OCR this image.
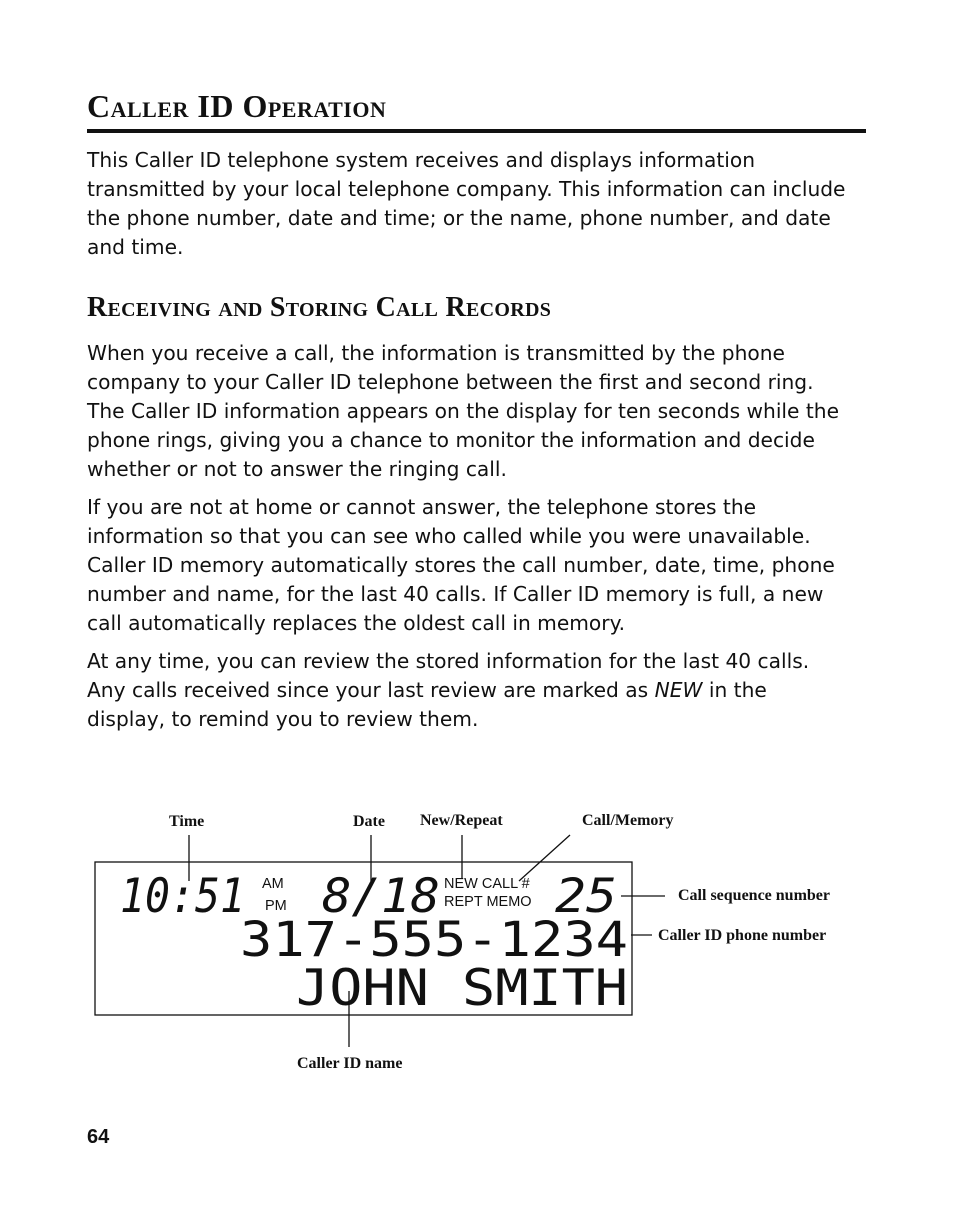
Caller ID Operation
This Caller ID telephone system receives and displays information
transmitted by your local telephone company. This information can include
the phone number, date and time; or the name, phone number, and date
and time.
Receiving and Storing Call Records
When you receive a call, the information is transmitted by the phone
company to your Caller ID telephone between the first and second ring.
The Caller ID information appears on the display for ten seconds while the
phone rings, giving you a chance to monitor the information and decide
whether or not to answer the ringing call.
If you are not at home or cannot answer, the telephone stores the
information so that you can see who called while you were unavailable.
Caller ID memory automatically stores the call number, date, time, phone
number and name, for the last 40 calls. If Caller ID memory is full, a new
call automatically replaces the oldest call in memory.
At any time, you can review the stored information for the last 40 calls.
Any calls received since your last review are marked as NEW in the
display, to remind you to review them.
Time	Date New/Repeat	Call/Memory
Call sequence number
Caller ID phone number
Caller ID name
10:51 8/18 25
317-555-1234
JOHN SMITH
AM
PM
NEW CALL #
REPT MEMO
64
